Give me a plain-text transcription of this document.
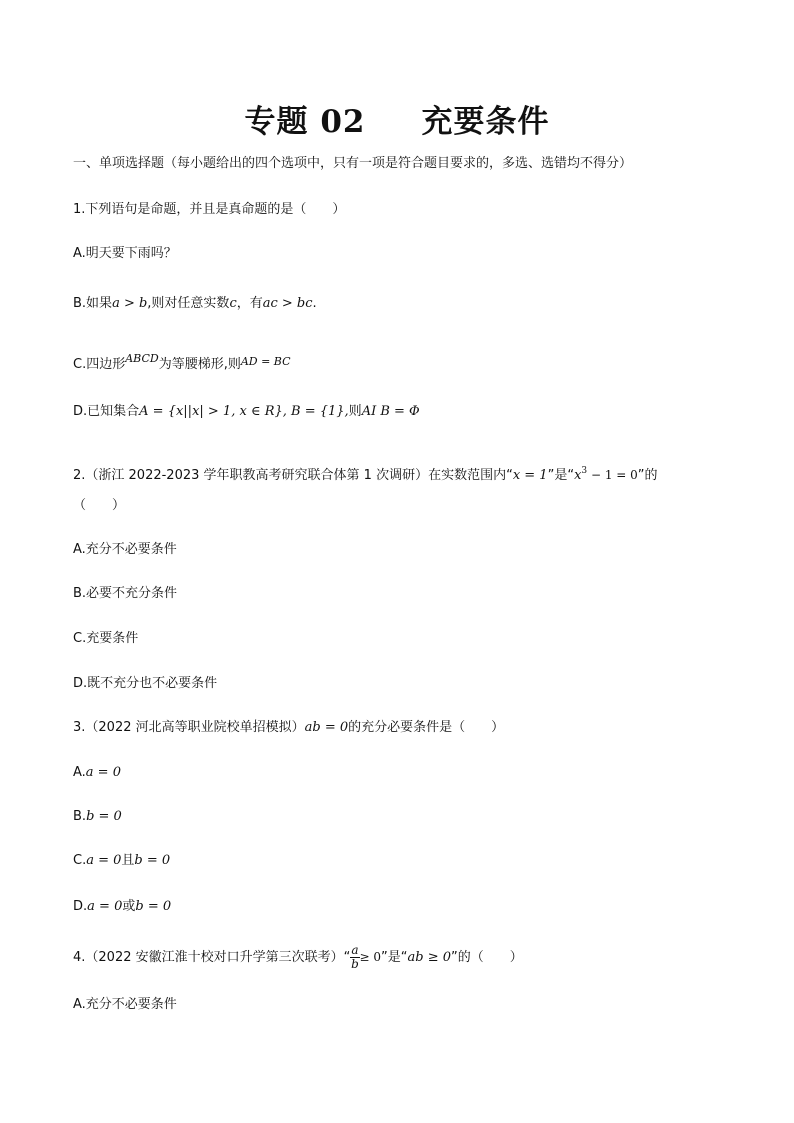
专题 02 充要条件
一、单项选择题（每小题给出的四个选项中，只有一项是符合题目要求的，多选、选错均不得分）
1.下列语句是命题，并且是真命题的是（　　）
A.明天要下雨吗？
B.如果a > b,则对任意实数c，有ac > bc.
C.四边形$^{ABCD}$为等腰梯形,则$^{AD = BC}$
D.已知集合A = {x||x| > 1, x ∈ R}, B = {1},则AI B = Φ
2.（浙江 2022-2023 学年职教高考研究联合体第 1 次调研）在实数范围内“x = 1”是“$x^3 - 1 = 0$”的
（　　）
A.充分不必要条件
B.必要不充分条件
C.充要条件
D.既不充分也不必要条件
3.（2022 河北高等职业院校单招模拟）ab = 0的充分必要条件是（　　）
A.a = 0
B.b = 0
C.a = 0且b = 0
D.a = 0或b = 0
4.（2022 安徽江淮十校对口升学第三次联考）“ $\frac{a}{b} \ge 0$”是“ab ≥ 0”的（　　）
A.充分不必要条件
